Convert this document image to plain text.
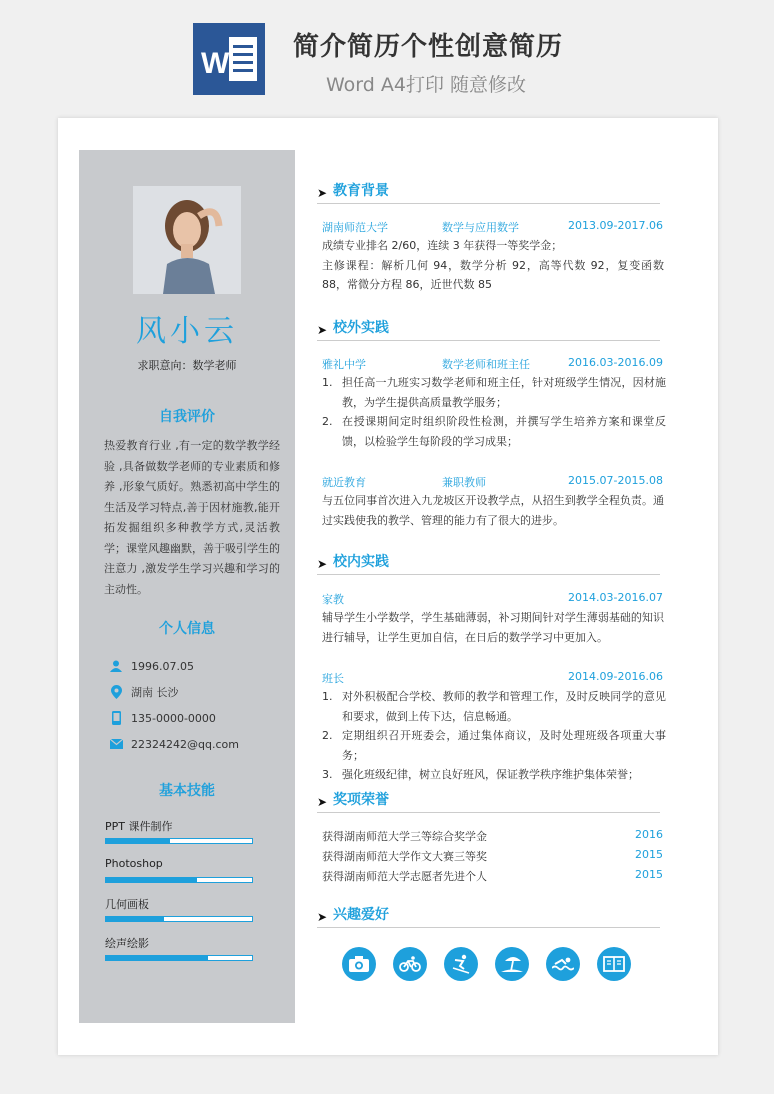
W 简介简历个性创意简历
Word A4打印 随意修改
风小云
求职意向：数学老师
自我评价
热爱教育行业 ,有一定的数学教学经验 ,具备做数学老师的专业素质和修养 ,形象气质好。熟悉初高中学生的生活及学习特点,善于因材施教,能开拓发掘组织多种教学方式,灵活教学；课堂风趣幽默，善于吸引学生的注意力 ,激发学生学习兴趣和学习的主动性。
个人信息
1996.07.05
湖南 长沙
135-0000-0000
22324242@qq.com
基本技能
PPT 课件制作
Photoshop
几何画板
绘声绘影
➤ 教育背景
湖南师范大学	数学与应用数学	2013.09-2017.06
成绩专业排名 2/60，连续 3 年获得一等奖学金；
主修课程：解析几何 94，数学分析 92，高等代数 92，复变函数 88，常微分方程 86，近世代数 85
➤ 校外实践
雅礼中学	数学老师和班主任	2016.03-2016.09
1. 担任高一九班实习数学老师和班主任，针对班级学生情况，因材施教，为学生提供高质量教学服务；
2. 在授课期间定时组织阶段性检测，并撰写学生培养方案和课堂反馈，以检验学生每阶段的学习成果；
就近教育	兼职教师	2015.07-2015.08
与五位同事首次进入九龙坡区开设教学点，从招生到教学全程负责。通过实践使我的教学、管理的能力有了很大的进步。
➤ 校内实践
家教	2014.03-2016.07
辅导学生小学数学，学生基础薄弱，补习期间针对学生薄弱基础的知识进行辅导，让学生更加自信，在日后的数学学习中更加入。
班长	2014.09-2016.06
1. 对外积极配合学校、教师的教学和管理工作，及时反映同学的意见和要求，做到上传下达，信息畅通。
2. 定期组织召开班委会，通过集体商议，及时处理班级各项重大事务；
3. 强化班级纪律，树立良好班风，保证教学秩序维护集体荣誉；
➤ 奖项荣誉
获得湖南师范大学三等综合奖学金	2016
获得湖南师范大学作文大赛三等奖	2015
获得湖南师范大学志愿者先进个人	2015
➤ 兴趣爱好
